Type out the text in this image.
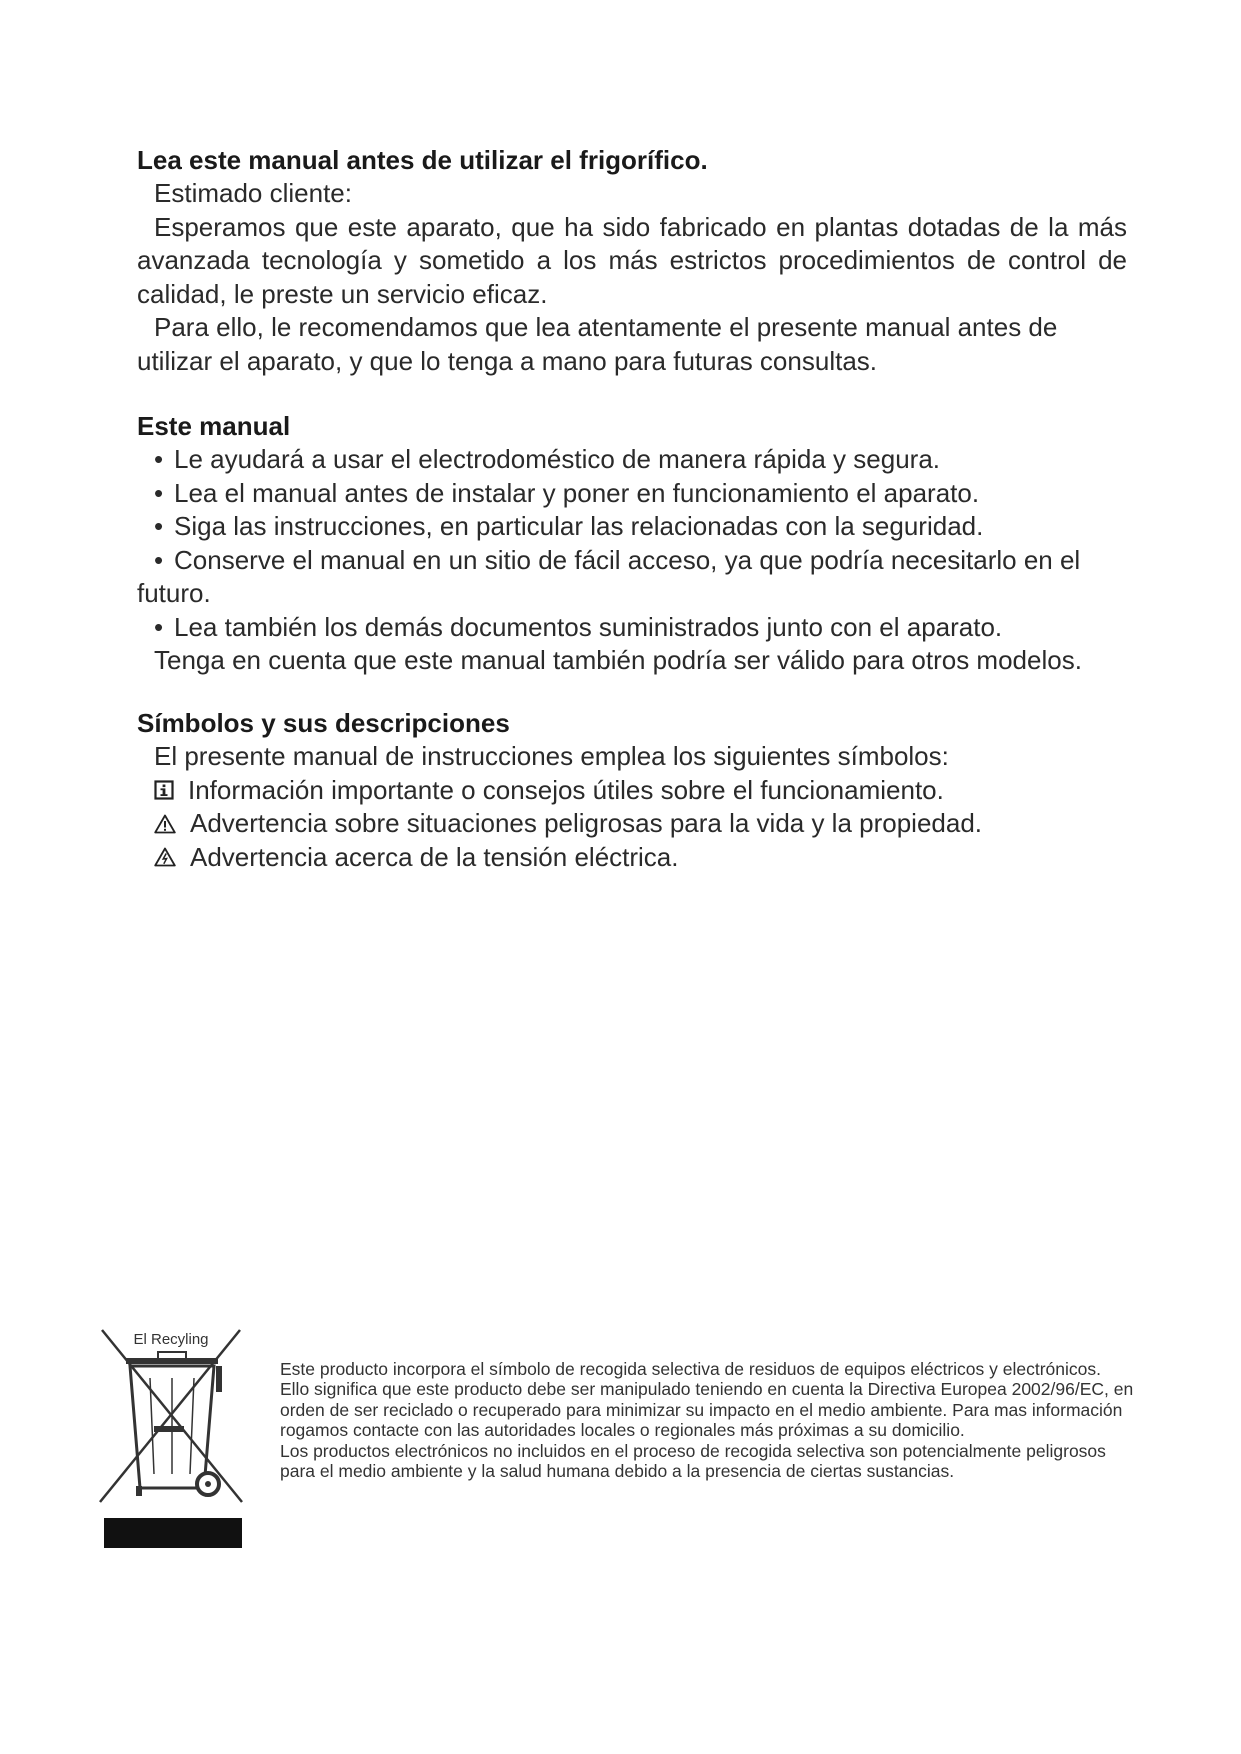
Lea este manual antes de utilizar el frigorífico.

Estimado cliente:

Esperamos que este aparato, que ha sido fabricado en plantas dotadas de la más avanzada tecnología y sometido a los más estrictos procedimientos de control de calidad, le preste un servicio eficaz.

Para ello, le recomendamos que lea atentamente el presente manual antes de utilizar el aparato, y que lo tenga a mano para futuras consultas.

Este manual

• Le ayudará a usar el electrodoméstico de manera rápida y segura.

• Lea el manual antes de instalar y poner en funcionamiento el aparato.

• Siga las instrucciones, en particular las relacionadas con la seguridad.

• Conserve el manual en un sitio de fácil acceso, ya que podría necesitarlo en el futuro.

• Lea también los demás documentos suministrados junto con el aparato.

Tenga en cuenta que este manual también podría ser válido para otros modelos.

Símbolos y sus descripciones

El presente manual de instrucciones emplea los siguientes símbolos:

Información importante o consejos útiles sobre el funcionamiento.
Advertencia sobre situaciones peligrosas para la vida y la propiedad.
Advertencia acerca de la tensión eléctrica.
El Recyling

Este producto incorpora el símbolo de recogida selectiva de residuos de equipos eléctricos y electrónicos.

Ello significa que este producto debe ser manipulado teniendo en cuenta la Directiva Europea 2002/96/EC, en orden de ser reciclado o recuperado para minimizar su impacto en el medio ambiente. Para mas información rogamos contacte con las autoridades locales o regionales más próximas a su domicilio.

Los productos electrónicos no incluidos en el proceso de recogida selectiva son potencialmente peligrosos para el medio ambiente y la salud humana debido a la presencia de ciertas sustancias.
